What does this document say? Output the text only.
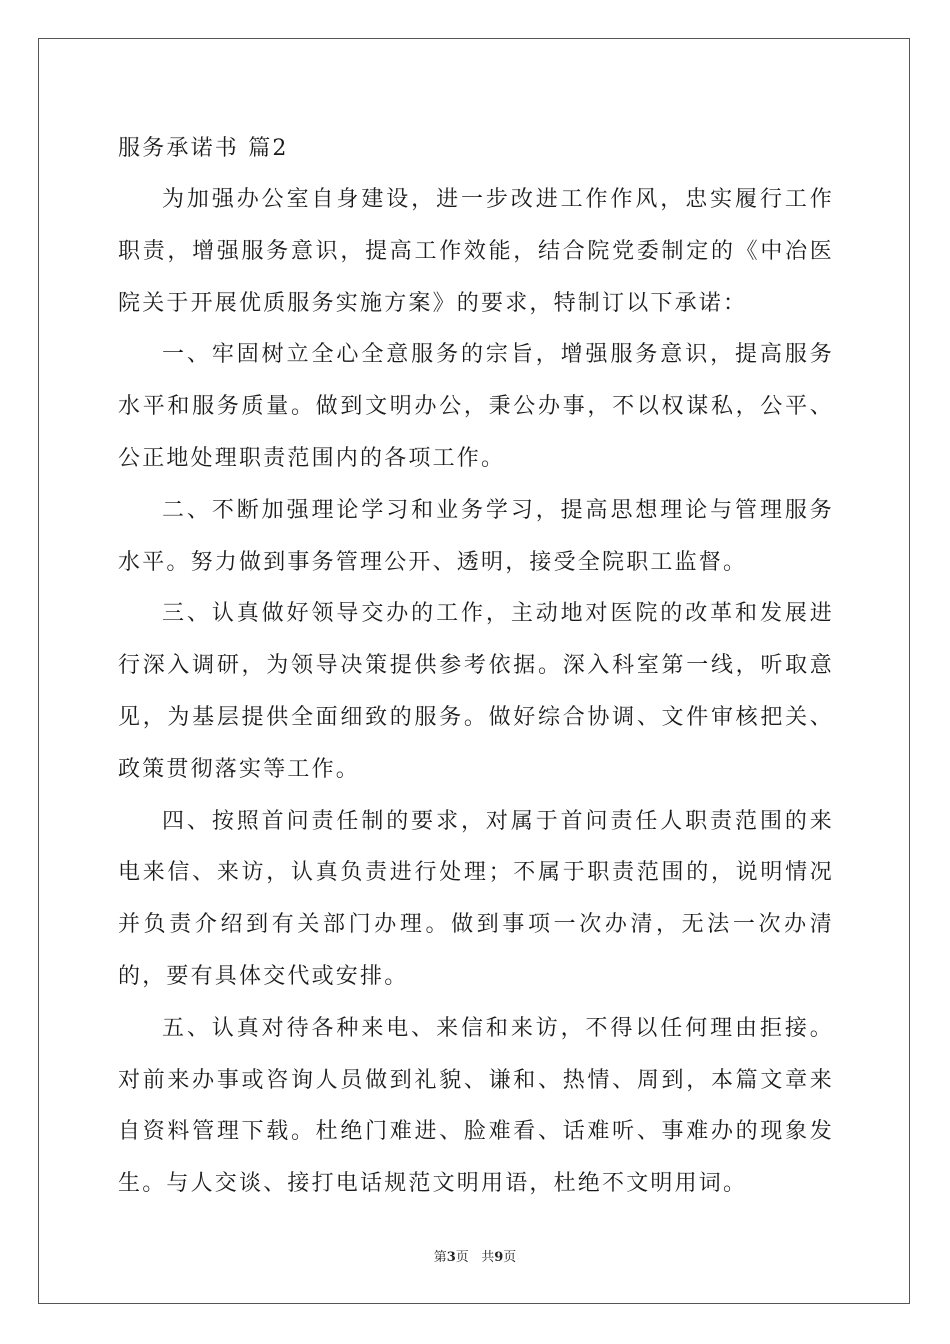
服务承诺书 篇2

为加强办公室自身建设，进一步改进工作作风，忠实履行工作职责，增强服务意识，提高工作效能，结合院党委制定的《中冶医院关于开展优质服务实施方案》的要求，特制订以下承诺：

一、牢固树立全心全意服务的宗旨，增强服务意识，提高服务水平和服务质量。做到文明办公，秉公办事，不以权谋私，公平、公正地处理职责范围内的各项工作。

二、不断加强理论学习和业务学习，提高思想理论与管理服务水平。努力做到事务管理公开、透明，接受全院职工监督。

三、认真做好领导交办的工作，主动地对医院的改革和发展进行深入调研，为领导决策提供参考依据。深入科室第一线，听取意见，为基层提供全面细致的服务。做好综合协调、文件审核把关、政策贯彻落实等工作。

四、按照首问责任制的要求，对属于首问责任人职责范围的来电来信、来访，认真负责进行处理；不属于职责范围的，说明情况并负责介绍到有关部门办理。做到事项一次办清，无法一次办清的，要有具体交代或安排。

五、认真对待各种来电、来信和来访，不得以任何理由拒接。对前来办事或咨询人员做到礼貌、谦和、热情、周到，本篇文章来自资料管理下载。杜绝门难进、脸难看、话难听、事难办的现象发生。与人交谈、接打电话规范文明用语，杜绝不文明用词。

第3页 共9页
